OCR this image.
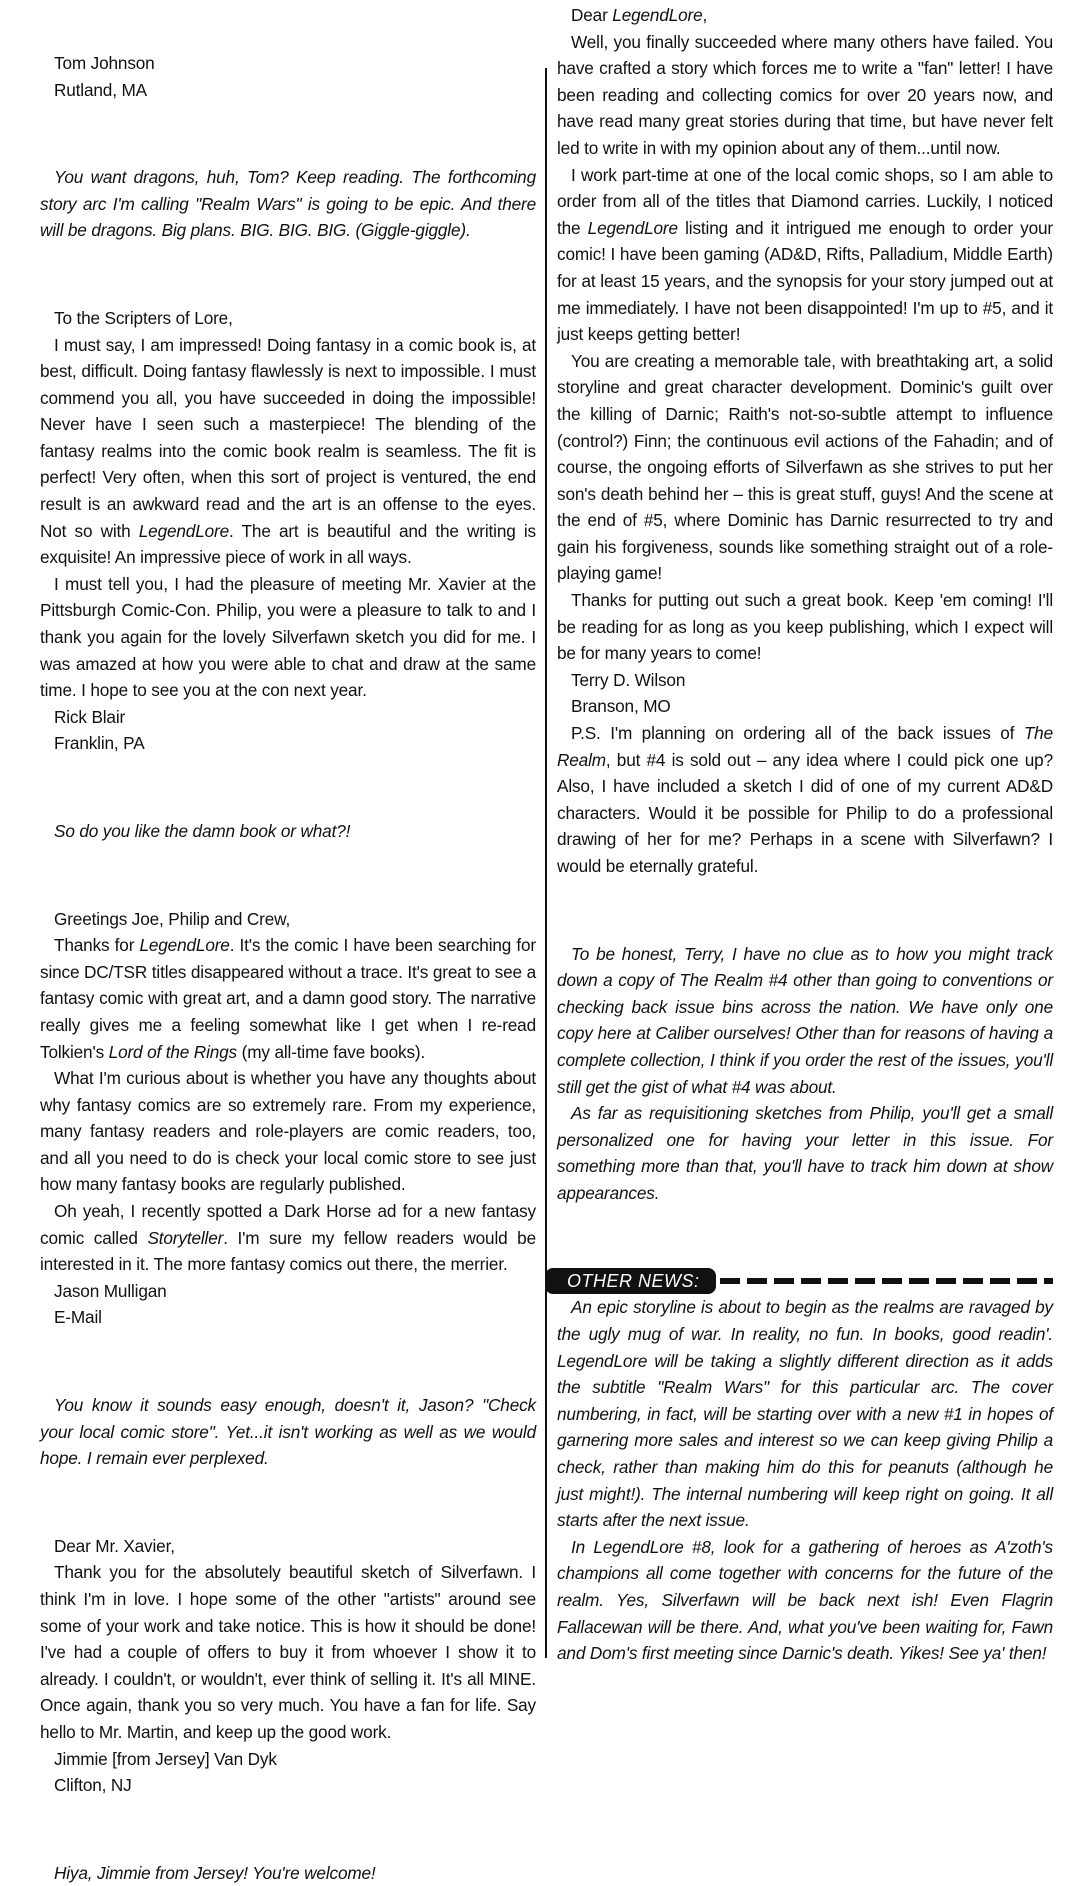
Tom Johnson

Rutland, MA

You want dragons, huh, Tom? Keep reading. The forthcoming story arc I'm calling "Realm Wars" is going to be epic. And there will be dragons. Big plans. BIG. BIG. BIG. (Giggle-giggle).

To the Scripters of Lore,

I must say, I am impressed! Doing fantasy in a comic book is, at best, difficult. Doing fantasy flawlessly is next to impossible. I must commend you all, you have succeeded in doing the impossible! Never have I seen such a masterpiece! The blending of the fantasy realms into the comic book realm is seamless. The fit is perfect! Very often, when this sort of project is ventured, the end result is an awkward read and the art is an offense to the eyes. Not so with LegendLore. The art is beautiful and the writing is exquisite! An impressive piece of work in all ways.

I must tell you, I had the pleasure of meeting Mr. Xavier at the Pittsburgh Comic-Con. Philip, you were a pleasure to talk to and I thank you again for the lovely Silverfawn sketch you did for me. I was amazed at how you were able to chat and draw at the same time. I hope to see you at the con next year.

Rick Blair

Franklin, PA

So do you like the damn book or what?!

Greetings Joe, Philip and Crew,

Thanks for LegendLore. It's the comic I have been searching for since DC/TSR titles disappeared without a trace. It's great to see a fantasy comic with great art, and a damn good story. The narrative really gives me a feeling somewhat like I get when I re-read Tolkien's Lord of the Rings (my all-time fave books).

What I'm curious about is whether you have any thoughts about why fantasy comics are so extremely rare. From my experience, many fantasy readers and role-players are comic readers, too, and all you need to do is check your local comic store to see just how many fantasy books are regularly published.

Oh yeah, I recently spotted a Dark Horse ad for a new fantasy comic called Storyteller. I'm sure my fellow readers would be interested in it. The more fantasy comics out there, the merrier.

Jason Mulligan

E-Mail

You know it sounds easy enough, doesn't it, Jason? "Check your local comic store". Yet...it isn't working as well as we would hope. I remain ever perplexed.

Dear Mr. Xavier,

Thank you for the absolutely beautiful sketch of Silverfawn. I think I'm in love. I hope some of the other "artists" around see some of your work and take notice. This is how it should be done! I've had a couple of offers to buy it from whoever I show it to already. I couldn't, or wouldn't, ever think of selling it. It's all MINE. Once again, thank you so very much. You have a fan for life. Say hello to Mr. Martin, and keep up the good work.

Jimmie [from Jersey] Van Dyk

Clifton, NJ

Hiya, Jimmie from Jersey! You're welcome!

Dear LegendLore,

Well, you finally succeeded where many others have failed. You have crafted a story which forces me to write a "fan" letter! I have been reading and collecting comics for over 20 years now, and have read many great stories during that time, but have never felt led to write in with my opinion about any of them...until now.

I work part-time at one of the local comic shops, so I am able to order from all of the titles that Diamond carries. Luckily, I noticed the LegendLore listing and it intrigued me enough to order your comic! I have been gaming (AD&D, Rifts, Palladium, Middle Earth) for at least 15 years, and the synopsis for your story jumped out at me immediately. I have not been disappointed! I'm up to #5, and it just keeps getting better!

You are creating a memorable tale, with breathtaking art, a solid storyline and great character development. Dominic's guilt over the killing of Darnic; Raith's not-so-subtle attempt to influence (control?) Finn; the continuous evil actions of the Fahadin; and of course, the ongoing efforts of Silverfawn as she strives to put her son's death behind her – this is great stuff, guys! And the scene at the end of #5, where Dominic has Darnic resurrected to try and gain his forgiveness, sounds like something straight out of a role-playing game!

Thanks for putting out such a great book. Keep 'em coming! I'll be reading for as long as you keep publishing, which I expect will be for many years to come!

Terry D. Wilson

Branson, MO

P.S. I'm planning on ordering all of the back issues of The Realm, but #4 is sold out – any idea where I could pick one up? Also, I have included a sketch I did of one of my current AD&D characters. Would it be possible for Philip to do a professional drawing of her for me? Perhaps in a scene with Silverfawn? I would be eternally grateful.

To be honest, Terry, I have no clue as to how you might track down a copy of The Realm #4 other than going to conventions or checking back issue bins across the nation. We have only one copy here at Caliber ourselves! Other than for reasons of having a complete collection, I think if you order the rest of the issues, you'll still get the gist of what #4 was about.

As far as requisitioning sketches from Philip, you'll get a small personalized one for having your letter in this issue. For something more than that, you'll have to track him down at show appearances.

OTHER NEWS:

An epic storyline is about to begin as the realms are ravaged by the ugly mug of war. In reality, no fun. In books, good readin'. LegendLore will be taking a slightly different direction as it adds the subtitle "Realm Wars" for this particular arc. The cover numbering, in fact, will be starting over with a new #1 in hopes of garnering more sales and interest so we can keep giving Philip a check, rather than making him do this for peanuts (although he just might!). The internal numbering will keep right on going. It all starts after the next issue.

In LegendLore #8, look for a gathering of heroes as A'zoth's champions all come together with concerns for the future of the realm. Yes, Silverfawn will be back next ish! Even Flagrin Fallacewan will be there. And, what you've been waiting for, Fawn and Dom's first meeting since Darnic's death. Yikes! See ya' then!
